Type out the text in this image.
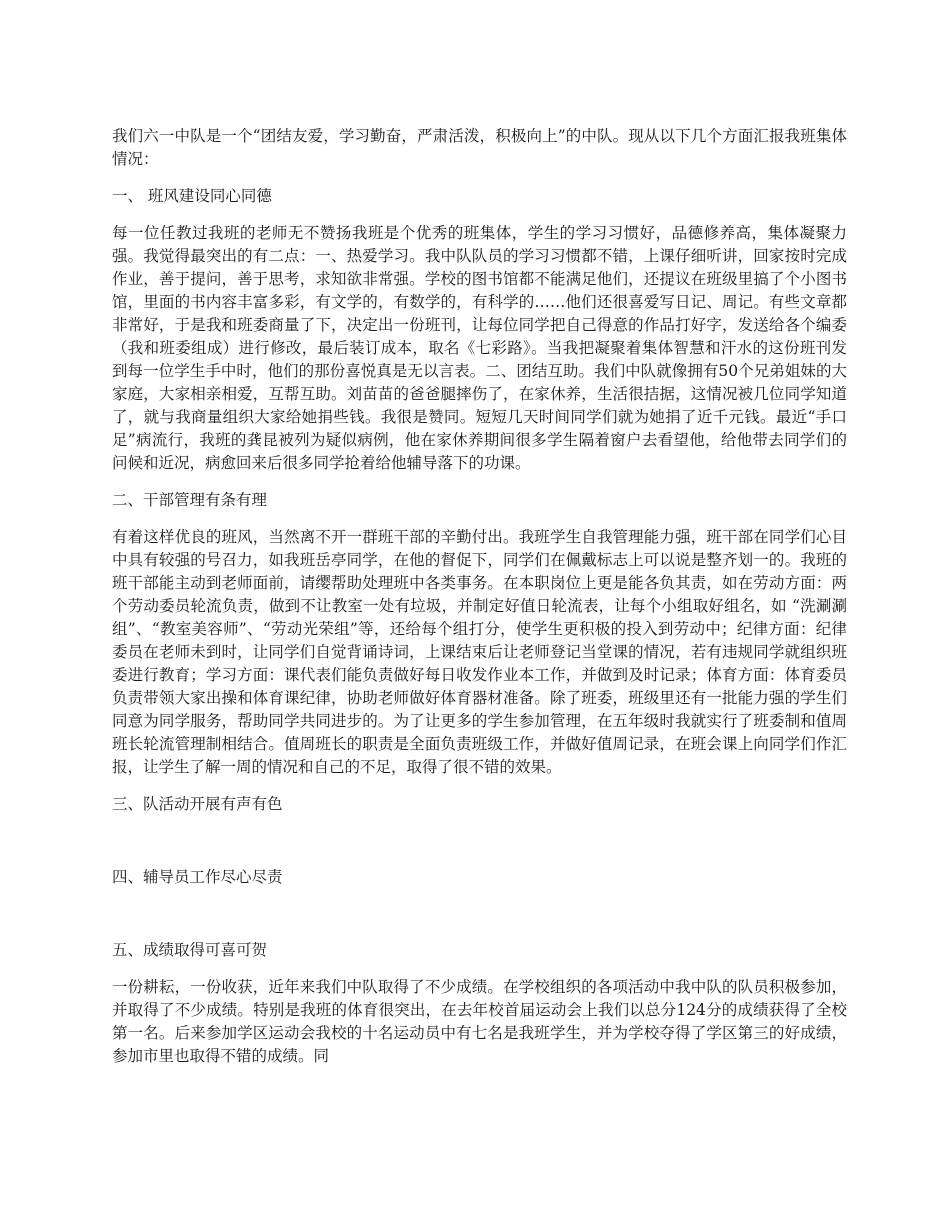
我们六一中队是一个“团结友爱，学习勤奋，严肃活泼，积极向上”的中队。现从以下几个方面汇报我班集体情况：

一、 班风建设同心同德

每一位任教过我班的老师无不赞扬我班是个优秀的班集体，学生的学习习惯好，品德修养高，集体凝聚力强。我觉得最突出的有二点：一、热爱学习。我中队队员的学习习惯都不错，上课仔细听讲，回家按时完成作业，善于提问，善于思考，求知欲非常强。学校的图书馆都不能满足他们，还提议在班级里搞了个小图书馆，里面的书内容丰富多彩，有文学的，有数学的，有科学的……他们还很喜爱写日记、周记。有些文章都非常好，于是我和班委商量了下，决定出一份班刊，让每位同学把自己得意的作品打好字，发送给各个编委（我和班委组成）进行修改，最后装订成本，取名《七彩路》。当我把凝聚着集体智慧和汗水的这份班刊发到每一位学生手中时，他们的那份喜悦真是无以言表。二、团结互助。我们中队就像拥有50个兄弟姐妹的大家庭，大家相亲相爱，互帮互助。刘苗苗的爸爸腿摔伤了，在家休养，生活很拮据，这情况被几位同学知道了，就与我商量组织大家给她捐些钱。我很是赞同。短短几天时间同学们就为她捐了近千元钱。最近“手口足”病流行，我班的龚昆被列为疑似病例，他在家休养期间很多学生隔着窗户去看望他，给他带去同学们的问候和近况，病愈回来后很多同学抢着给他辅导落下的功课。

二、干部管理有条有理

有着这样优良的班风，当然离不开一群班干部的辛勤付出。我班学生自我管理能力强，班干部在同学们心目中具有较强的号召力，如我班岳亭同学，在他的督促下，同学们在佩戴标志上可以说是整齐划一的。我班的班干部能主动到老师面前，请缨帮助处理班中各类事务。在本职岗位上更是能各负其责，如在劳动方面：两个劳动委员轮流负责，做到不让教室一处有垃圾，并制定好值日轮流表，让每个小组取好组名，如 “洗涮涮组”、“教室美容师”、“劳动光荣组”等，还给每个组打分，使学生更积极的投入到劳动中；纪律方面：纪律委员在老师未到时，让同学们自觉背诵诗词，上课结束后让老师登记当堂课的情况，若有违规同学就组织班委进行教育；学习方面：课代表们能负责做好每日收发作业本工作，并做到及时记录；体育方面：体育委员负责带领大家出操和体育课纪律，协助老师做好体育器材准备。除了班委，班级里还有一批能力强的学生们同意为同学服务，帮助同学共同进步的。为了让更多的学生参加管理，在五年级时我就实行了班委制和值周班长轮流管理制相结合。值周班长的职责是全面负责班级工作，并做好值周记录，在班会课上向同学们作汇报，让学生了解一周的情况和自己的不足，取得了很不错的效果。

三、队活动开展有声有色

四、辅导员工作尽心尽责

五、成绩取得可喜可贺

一份耕耘，一份收获，近年来我们中队取得了不少成绩。在学校组织的各项活动中我中队的队员积极参加，并取得了不少成绩。特别是我班的体育很突出，在去年校首届运动会上我们以总分124分的成绩获得了全校第一名。后来参加学区运动会我校的十名运动员中有七名是我班学生，并为学校夺得了学区第三的好成绩，参加市里也取得不错的成绩。同
